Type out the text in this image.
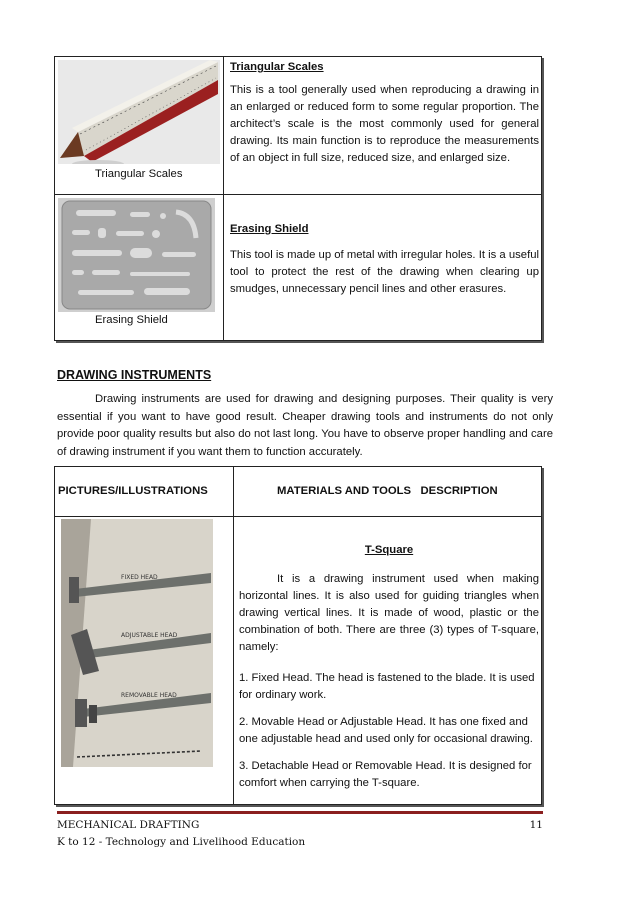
Triangular Scales
Triangular Scales

This is a tool generally used when reproducing a drawing in an enlarged or reduced form to some regular proportion. The architect’s scale is the most commonly used for general drawing. Its main function is to reproduce the measurements of an object in full size, reduced size, and enlarged size.

Erasing Shield
Erasing Shield

This tool is made up of metal with irregular holes. It is a useful tool to protect the rest of the drawing when clearing up smudges, unnecessary pencil lines and other erasures.

DRAWING INSTRUMENTS

Drawing instruments are used for drawing and designing purposes. Their quality is very essential if you want to have good result. Cheaper drawing tools and instruments do not only provide poor quality results but also do not last long. You have to observe proper handling and care of drawing instrument if you want them to function accurately.

PICTURES/ILLUSTRATIONS	MATERIALS AND TOOLS   DESCRIPTION
FIXED HEAD
ADJUSTABLE HEAD
REMOVABLE HEAD
T-Square

It is a drawing instrument used when making horizontal lines. It is also used for guiding triangles when drawing vertical lines. It is made of wood, plastic or the combination of both. There are three (3) types of T-square, namely:

1. Fixed Head. The head is fastened to the blade. It is used for ordinary work.

2. Movable Head or Adjustable Head. It has one fixed and one adjustable head and used only for occasional drawing.

3. Detachable Head or Removable Head. It is designed for comfort when carrying the T-square.

MECHANICAL DRAFTING
K to 12 - Technology and Livelihood Education
11
